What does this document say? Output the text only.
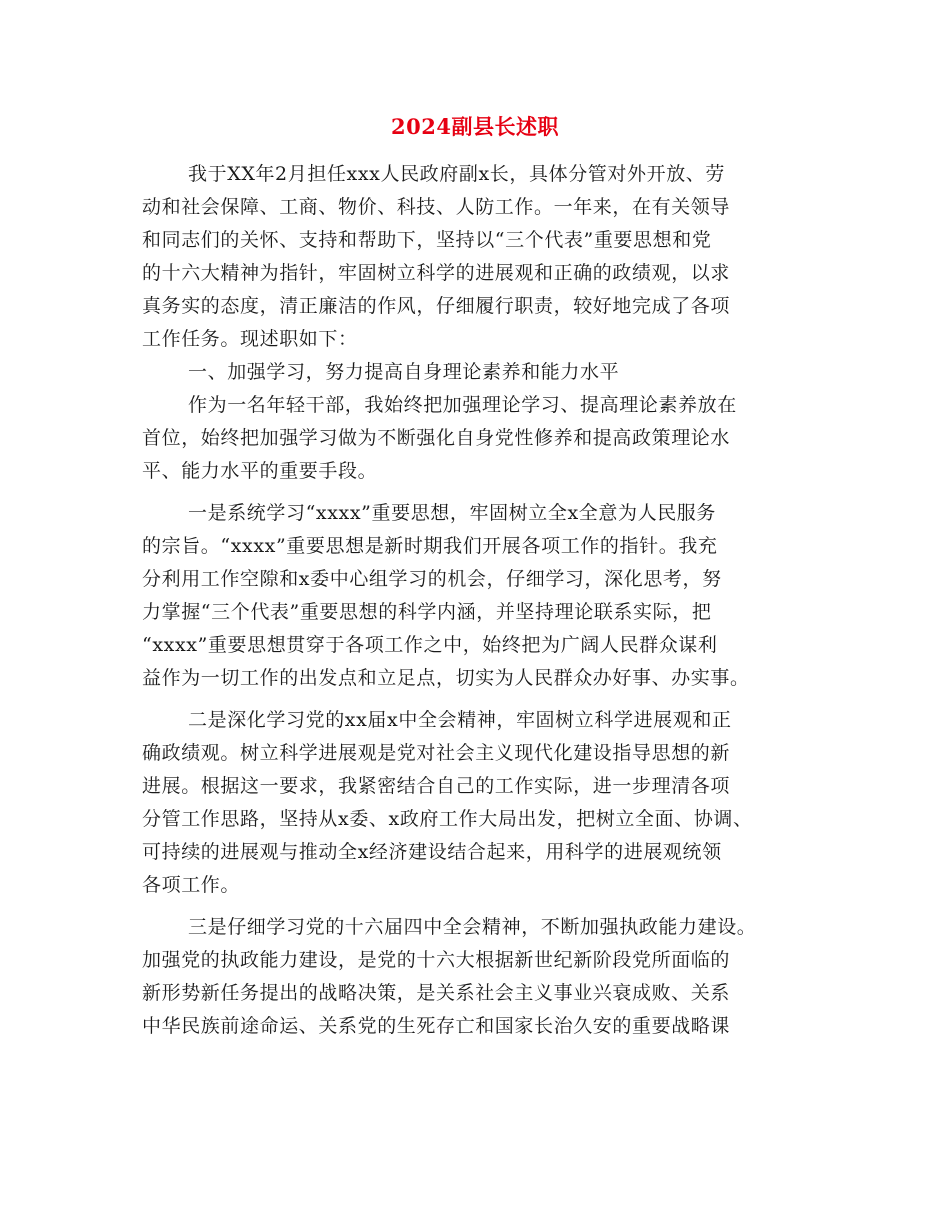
2024副县长述职
我于XX年2月担任xxx人民政府副x长，具体分管对外开放、劳
动和社会保障、工商、物价、科技、人防工作。一年来，在有关领导
和同志们的关怀、支持和帮助下，坚持以“三个代表”重要思想和党
的十六大精神为指针，牢固树立科学的进展观和正确的政绩观，以求
真务实的态度，清正廉洁的作风，仔细履行职责，较好地完成了各项
工作任务。现述职如下：
一、加强学习，努力提高自身理论素养和能力水平
作为一名年轻干部，我始终把加强理论学习、提高理论素养放在
首位，始终把加强学习做为不断强化自身党性修养和提高政策理论水
平、能力水平的重要手段。
一是系统学习“xxxx”重要思想，牢固树立全x全意为人民服务
的宗旨。“xxxx”重要思想是新时期我们开展各项工作的指针。我充
分利用工作空隙和x委中心组学习的机会，仔细学习，深化思考，努
力掌握“三个代表”重要思想的科学内涵，并坚持理论联系实际，把
“xxxx”重要思想贯穿于各项工作之中，始终把为广阔人民群众谋利
益作为一切工作的出发点和立足点，切实为人民群众办好事、办实事。
二是深化学习党的xx届x中全会精神，牢固树立科学进展观和正
确政绩观。树立科学进展观是党对社会主义现代化建设指导思想的新
进展。根据这一要求，我紧密结合自己的工作实际，进一步理清各项
分管工作思路，坚持从x委、x政府工作大局出发，把树立全面、协调、
可持续的进展观与推动全x经济建设结合起来，用科学的进展观统领
各项工作。
三是仔细学习党的十六届四中全会精神，不断加强执政能力建设。
加强党的执政能力建设，是党的十六大根据新世纪新阶段党所面临的
新形势新任务提出的战略决策，是关系社会主义事业兴衰成败、关系
中华民族前途命运、关系党的生死存亡和国家长治久安的重要战略课
